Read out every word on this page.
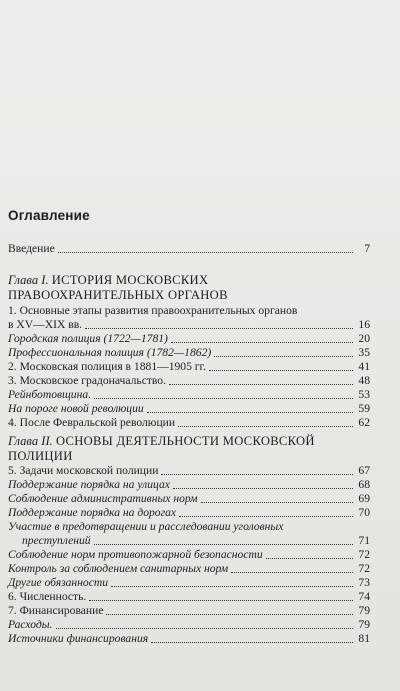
Оглавление
Введение	7
Глава I. ИСТОРИЯ МОСКОВСКИХ
ПРАВООХРАНИТЕЛЬНЫХ ОРГАНОВ
1. Основные этапы развития правоохранительных органов
в XV—XIX вв.	16
Городская полиция (1722—1781)	20
Профессиональная полиция (1782—1862)	35
2. Московская полиция в 1881—1905 гг.	41
3. Московское градоначальство.	48
Рейнботовщина.	53
На пороге новой революции	59
4. После Февральской революции	62
Глава II. ОСНОВЫ ДЕЯТЕЛЬНОСТИ МОСКОВСКОЙ
ПОЛИЦИИ
5. Задачи московской полиции	67
Поддержание порядка на улицах	68
Соблюдение административных норм	69
Поддержание порядка на дорогах	70
Участие в предотвращении и расследовании уголовных
преступлений	71
Соблюдение норм противопожарной безопасности	72
Контроль за соблюдением санитарных норм	72
Другие обязанности	73
6. Численность.	74
7. Финансирование	79
Расходы.	79
Источники финансирования	81
